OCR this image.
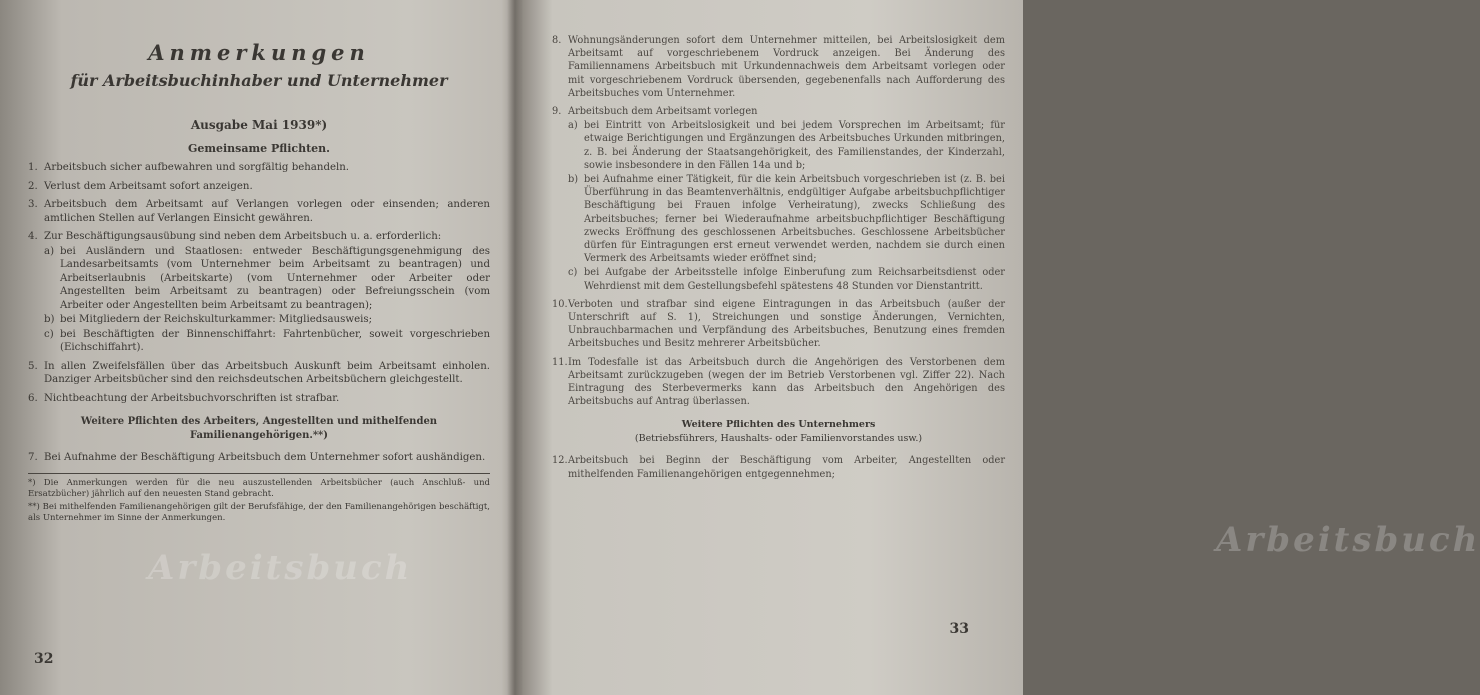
Anmerkungen
für Arbeitsbuchinhaber und Unternehmer
Ausgabe Mai 1939*)
Gemeinsame Pflichten.
1. Arbeitsbuch sicher aufbewahren und sorgfältig behandeln.
2. Verlust dem Arbeitsamt sofort anzeigen.
3. Arbeitsbuch dem Arbeitsamt auf Verlangen vorlegen oder einsenden; anderen amtlichen Stellen auf Verlangen Einsicht gewähren.
4. Zur Beschäftigungsausübung sind neben dem Arbeitsbuch u. a. erforderlich:
a) bei Ausländern und Staatlosen: entweder Beschäftigungsgenehmigung des Landesarbeitsamts (vom Unternehmer beim Arbeitsamt zu beantragen) und Arbeitserlaubnis (Arbeitskarte) (vom Unternehmer oder Arbeiter oder Angestellten beim Arbeitsamt zu beantragen) oder Befreiungsschein (vom Arbeiter oder Angestellten beim Arbeitsamt zu beantragen);
b) bei Mitgliedern der Reichskulturkammer: Mitgliedsausweis;
c) bei Beschäftigten der Binnenschiffahrt: Fahrtenbücher, soweit vorgeschrieben (Eichschiffahrt).
5. In allen Zweifelsfällen über das Arbeitsbuch Auskunft beim Arbeitsamt einholen. Danziger Arbeitsbücher sind den reichsdeutschen Arbeitsbüchern gleichgestellt.
6. Nichtbeachtung der Arbeitsbuchvorschriften ist strafbar.
Weitere Pflichten des Arbeiters, Angestellten und mithelfenden Familienangehörigen.**)
7. Bei Aufnahme der Beschäftigung Arbeitsbuch dem Unternehmer sofort aushändigen.

*) Die Anmerkungen werden für die neu auszustellenden Arbeitsbücher (auch Anschluß- und Ersatzbücher) jährlich auf den neuesten Stand gebracht.

**) Bei mithelfenden Familienangehörigen gilt der Berufsfähige, der den Familienangehörigen beschäftigt, als Unternehmer im Sinne der Anmerkungen.

Arbeitsbuch
32
8. Wohnungsänderungen sofort dem Unternehmer mitteilen, bei Arbeitslosigkeit dem Arbeitsamt auf vorgeschriebenem Vordruck anzeigen. Bei Änderung des Familiennamens Arbeitsbuch mit Urkundennachweis dem Arbeitsamt vorlegen oder mit vorgeschriebenem Vordruck übersenden, gegebenenfalls nach Aufforderung des Arbeitsbuches vom Unternehmer.
9. Arbeitsbuch dem Arbeitsamt vorlegen
a) bei Eintritt von Arbeitslosigkeit und bei jedem Vorsprechen im Arbeitsamt; für etwaige Berichtigungen und Ergänzungen des Arbeitsbuches Urkunden mitbringen, z. B. bei Änderung der Staatsangehörigkeit, des Familienstandes, der Kinderzahl, sowie insbesondere in den Fällen 14a und b;
b) bei Aufnahme einer Tätigkeit, für die kein Arbeitsbuch vorgeschrieben ist (z. B. bei Überführung in das Beamtenverhältnis, endgültiger Aufgabe arbeitsbuchpflichtiger Beschäftigung bei Frauen infolge Verheiratung), zwecks Schließung des Arbeitsbuches; ferner bei Wiederaufnahme arbeitsbuchpflichtiger Beschäftigung zwecks Eröffnung des geschlossenen Arbeitsbuches. Geschlossene Arbeitsbücher dürfen für Eintragungen erst erneut verwendet werden, nachdem sie durch einen Vermerk des Arbeitsamts wieder eröffnet sind;
c) bei Aufgabe der Arbeitsstelle infolge Einberufung zum Reichsarbeitsdienst oder Wehrdienst mit dem Gestellungsbefehl spätestens 48 Stunden vor Dienstantritt.
10. Verboten und strafbar sind eigene Eintragungen in das Arbeitsbuch (außer der Unterschrift auf S. 1), Streichungen und sonstige Änderungen, Vernichten, Unbrauchbarmachen und Verpfändung des Arbeitsbuches, Benutzung eines fremden Arbeitsbuches und Besitz mehrerer Arbeitsbücher.
11. Im Todesfalle ist das Arbeitsbuch durch die Angehörigen des Verstorbenen dem Arbeitsamt zurückzugeben (wegen der im Betrieb Verstorbenen vgl. Ziffer 22). Nach Eintragung des Sterbevermerks kann das Arbeitsbuch den Angehörigen des Arbeitsbuchs auf Antrag überlassen.
Weitere Pflichten des Unternehmers
(Betriebsführers, Haushalts- oder Familienvorstandes usw.)
12. Arbeitsbuch bei Beginn der Beschäftigung vom Arbeiter, Angestellten oder mithelfenden Familienangehörigen entgegennehmen;
Arbeitsbuch
33
